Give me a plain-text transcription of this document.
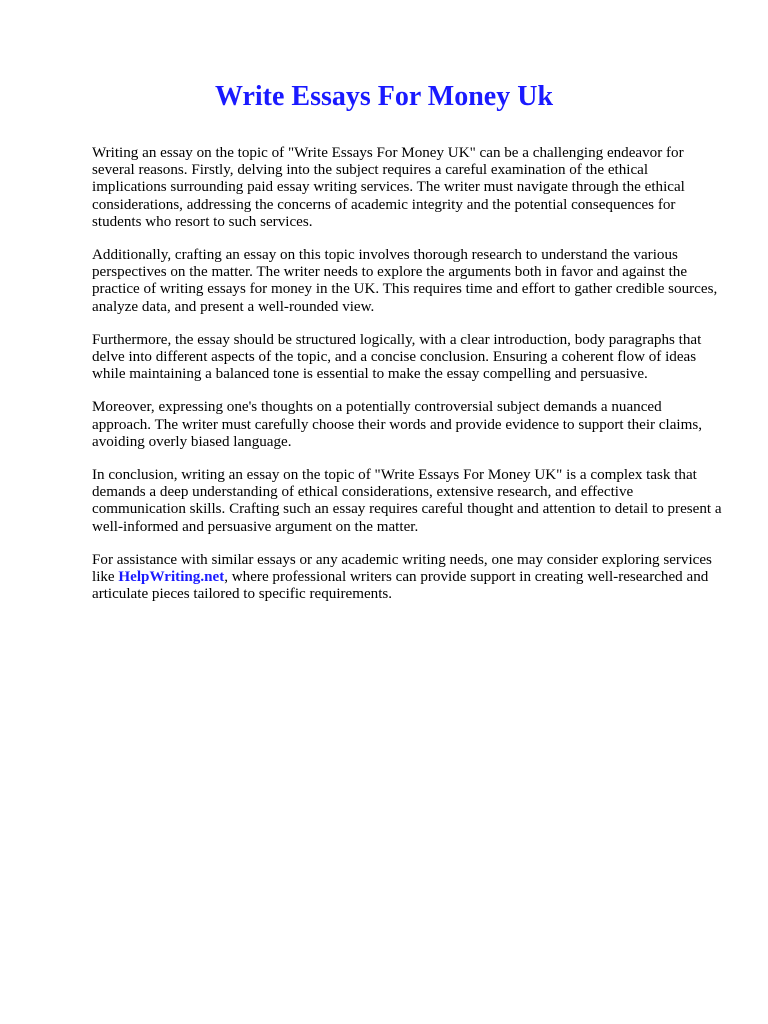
Write Essays For Money Uk

Writing an essay on the topic of "Write Essays For Money UK" can be a challenging endeavor for several reasons. Firstly, delving into the subject requires a careful examination of the ethical implications surrounding paid essay writing services. The writer must navigate through the ethical considerations, addressing the concerns of academic integrity and the potential consequences for students who resort to such services.

Additionally, crafting an essay on this topic involves thorough research to understand the various perspectives on the matter. The writer needs to explore the arguments both in favor and against the practice of writing essays for money in the UK. This requires time and effort to gather credible sources, analyze data, and present a well-rounded view.

Furthermore, the essay should be structured logically, with a clear introduction, body paragraphs that delve into different aspects of the topic, and a concise conclusion. Ensuring a coherent flow of ideas while maintaining a balanced tone is essential to make the essay compelling and persuasive.

Moreover, expressing one's thoughts on a potentially controversial subject demands a nuanced approach. The writer must carefully choose their words and provide evidence to support their claims, avoiding overly biased language.

In conclusion, writing an essay on the topic of "Write Essays For Money UK" is a complex task that demands a deep understanding of ethical considerations, extensive research, and effective communication skills. Crafting such an essay requires careful thought and attention to detail to present a well-informed and persuasive argument on the matter.

For assistance with similar essays or any academic writing needs, one may consider exploring services like HelpWriting.net, where professional writers can provide support in creating well-researched and articulate pieces tailored to specific requirements.
